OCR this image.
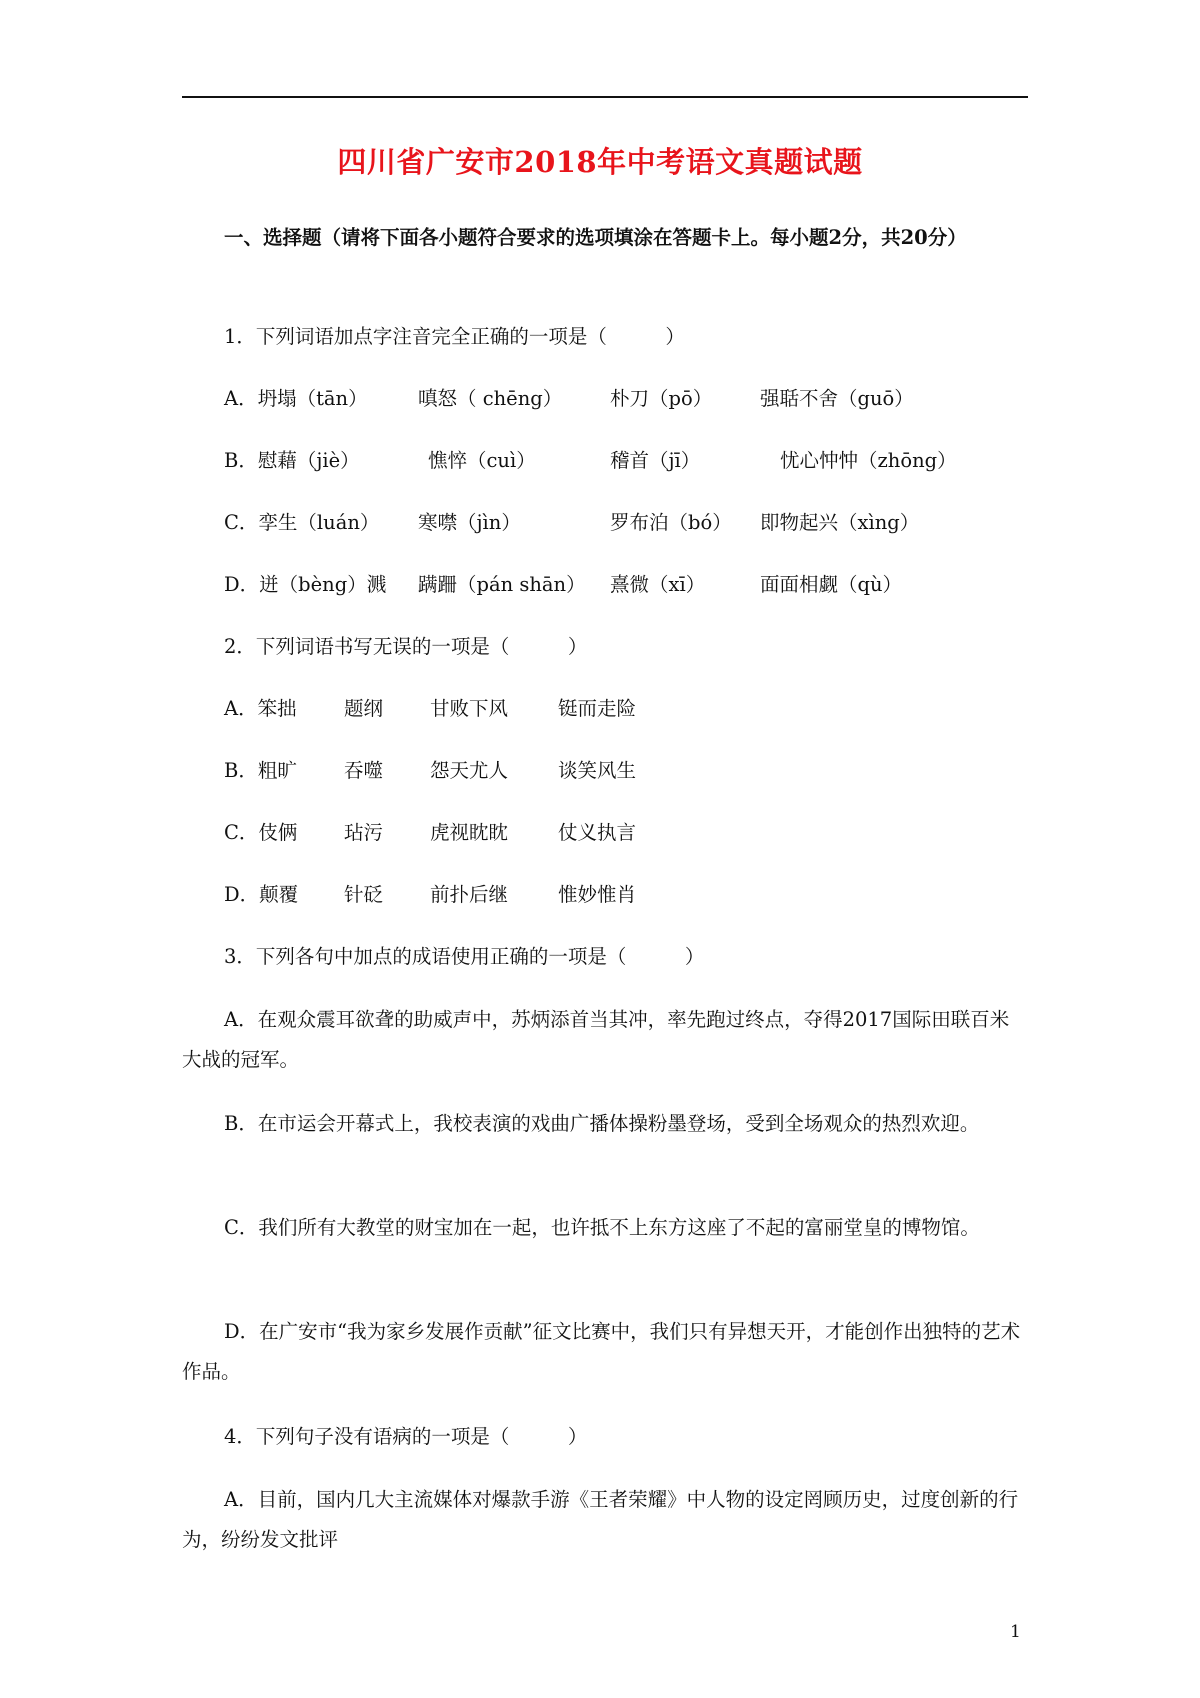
四川省广安市2018年中考语文真题试题
一、选择题（请将下面各小题符合要求的选项填涂在答题卡上。每小题2分，共20分）
1．下列词语加点字注音完全正确的一项是（　　　）
A．坍塌（tān）	嗔怒（ chēng） 朴刀（pō） 强聒不舍（guō）
B．慰藉（jiè）	憔悴（cuì）	稽首（jī）	忧心忡忡（zhōng）
C．孪生（luán） 寒噤（jìn）	罗布泊（bó） 即物起兴（xìng）
D．迸（bèng）溅 蹒跚（pán shān） 熹微（xī）	面面相觑（qù）
2．下列词语书写无误的一项是（　　　）
A．笨拙 题纲 甘败下风	铤而走险
B．粗旷 吞噬 怨天尤人	谈笑风生
C．伎俩 玷污 虎视眈眈	仗义执言
D．颠覆 针砭 前扑后继	惟妙惟肖
3．下列各句中加点的成语使用正确的一项是（　　　）
A．在观众震耳欲聋的助威声中，苏炳添首当其冲，率先跑过终点，夺得2017国际田联百米大战的冠军。
B．在市运会开幕式上，我校表演的戏曲广播体操粉墨登场，受到全场观众的热烈欢迎。
C．我们所有大教堂的财宝加在一起，也许抵不上东方这座了不起的富丽堂皇的博物馆。
D．在广安市“我为家乡发展作贡献”征文比赛中，我们只有异想天开，才能创作出独特的艺术作品。
4．下列句子没有语病的一项是（　　　）
A．目前，国内几大主流媒体对爆款手游《王者荣耀》中人物的设定罔顾历史，过度创新的行为，纷纷发文批评
1
